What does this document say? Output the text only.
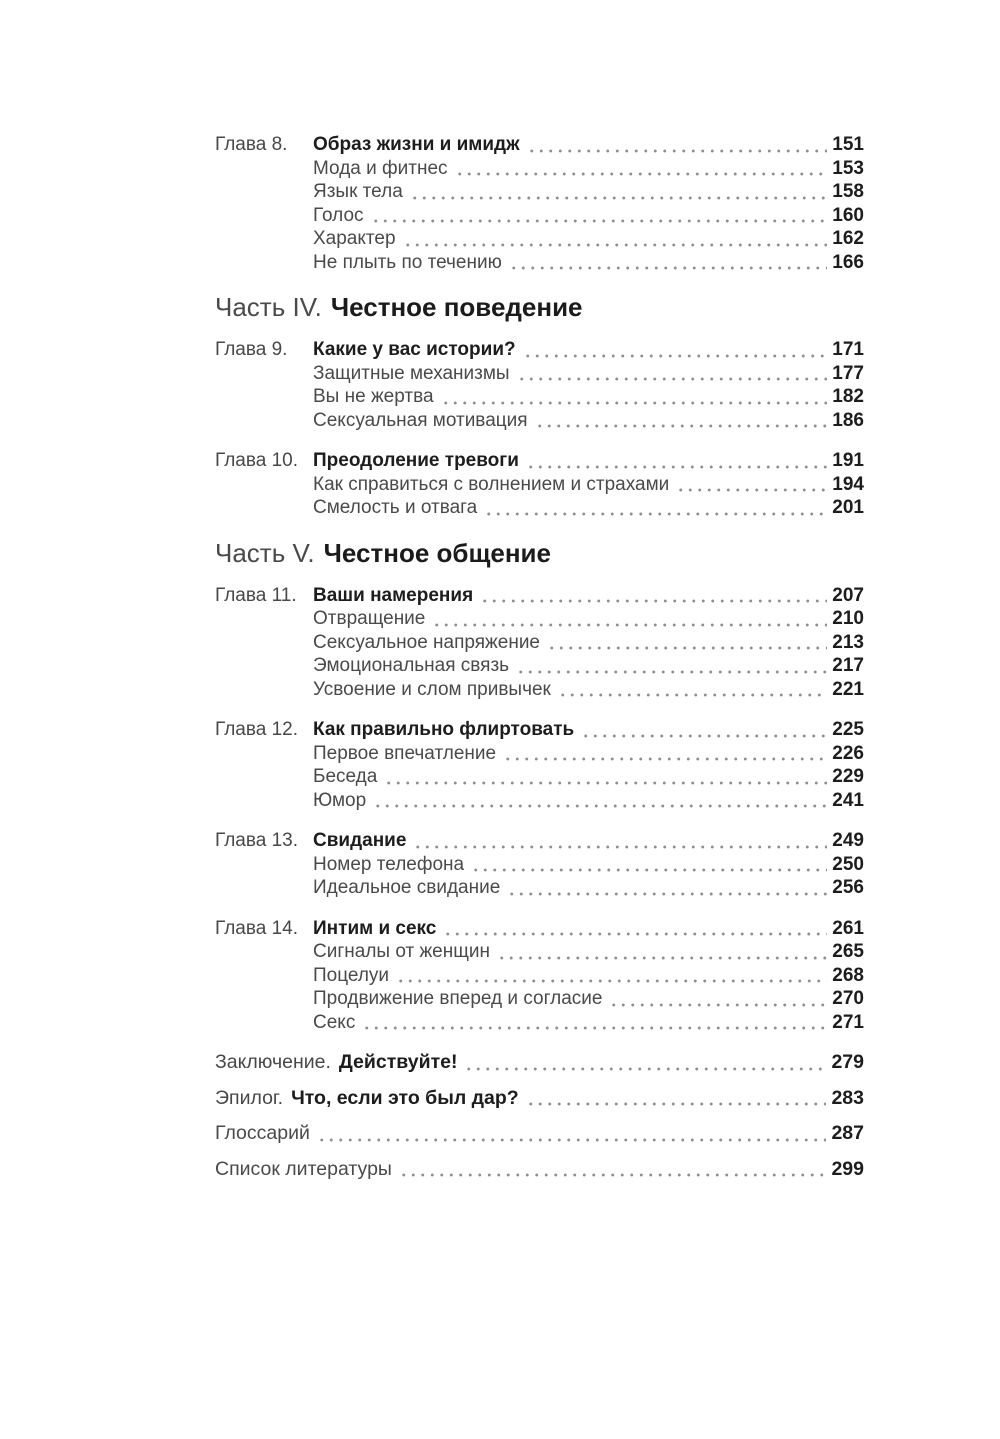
Глава 8.	Образ жизни и имидж	151
Мода и фитнес	153
Язык тела	158
Голос	160
Характер	162
Не плыть по течению	166
Часть IV. Честное поведение
Глава 9.	Какие у вас истории?	171
Защитные механизмы	177
Вы не жертва	182
Сексуальная мотивация	186
Глава 10. Преодоление тревоги	191
Как справиться с волнением и страхами	194
Смелость и отвага	201
Часть V. Честное общение
Глава 11. Ваши намерения	207
Отвращение	210
Сексуальное напряжение	213
Эмоциональная связь	217
Усвоение и слом привычек	221
Глава 12. Как правильно флиртовать	225
Первое впечатление	226
Беседа	229
Юмор	241
Глава 13. Свидание	249
Номер телефона	250
Идеальное свидание	256
Глава 14. Интим и секс	261
Сигналы от женщин	265
Поцелуи	268
Продвижение вперед и согласие	270
Секс	271
Заключение. Действуйте!	279
Эпилог. Что, если это был дар?	283
Глоссарий	287
Список литературы	299
